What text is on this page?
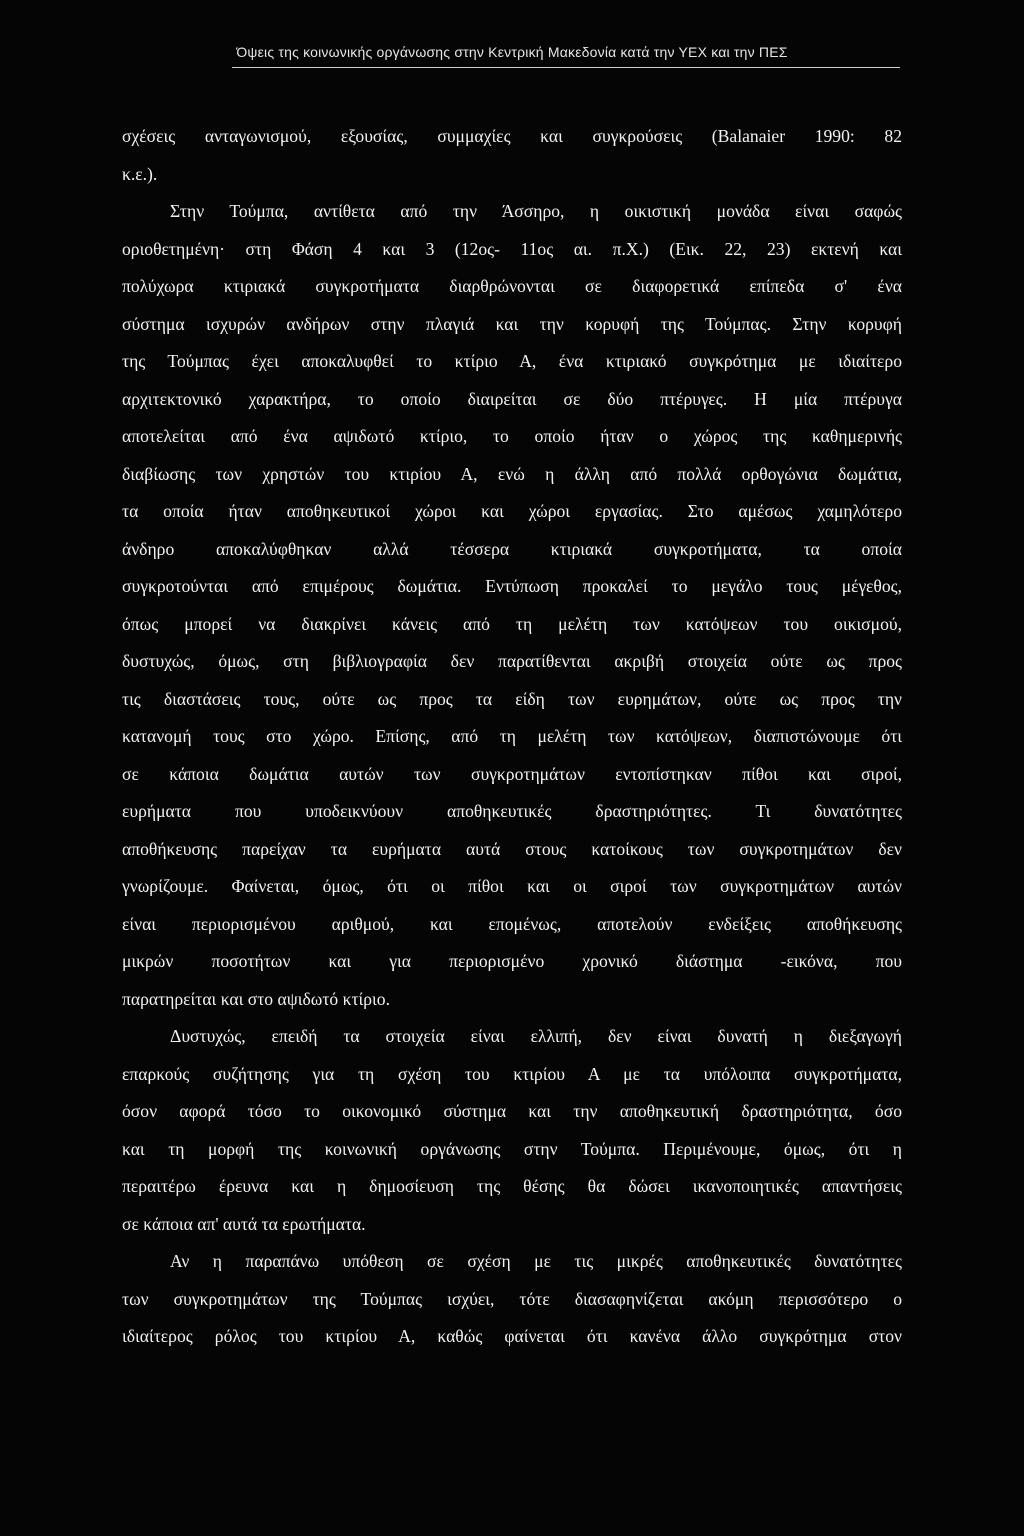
Όψεις της κοινωνικής οργάνωσης στην Κεντρική Μακεδονία κατά την ΥΕΧ και την ΠΕΣ
σχέσεις ανταγωνισμού, εξουσίας, συμμαχίες και συγκρούσεις (Balanaier 1990: 82
κ.ε.).
Στην Τούμπα, αντίθετα από την Άσσηρο, η οικιστική μονάδα είναι σαφώς
οριοθετημένη· στη Φάση 4 και 3 (12ος- 11ος αι. π.Χ.) (Εικ. 22, 23) εκτενή και
πολύχωρα κτιριακά συγκροτήματα διαρθρώνονται σε διαφορετικά επίπεδα σ' ένα
σύστημα ισχυρών ανδήρων στην πλαγιά και την κορυφή της Τούμπας. Στην κορυφή
της Τούμπας έχει αποκαλυφθεί το κτίριο Α, ένα κτιριακό συγκρότημα με ιδιαίτερο
αρχιτεκτονικό χαρακτήρα, το οποίο διαιρείται σε δύο πτέρυγες. Η μία πτέρυγα
αποτελείται από ένα αψιδωτό κτίριο, το οποίο ήταν ο χώρος της καθημερινής
διαβίωσης των χρηστών του κτιρίου Α, ενώ η άλλη από πολλά ορθογώνια δωμάτια,
τα οποία ήταν αποθηκευτικοί χώροι και χώροι εργασίας. Στο αμέσως χαμηλότερο
άνδηρο αποκαλύφθηκαν αλλά τέσσερα κτιριακά συγκροτήματα, τα οποία
συγκροτούνται από επιμέρους δωμάτια. Εντύπωση προκαλεί το μεγάλο τους μέγεθος,
όπως μπορεί να διακρίνει κάνεις από τη μελέτη των κατόψεων του οικισμού,
δυστυχώς, όμως, στη βιβλιογραφία δεν παρατίθενται ακριβή στοιχεία ούτε ως προς
τις διαστάσεις τους, ούτε ως προς τα είδη των ευρημάτων, ούτε ως προς την
κατανομή τους στο χώρο. Επίσης, από τη μελέτη των κατόψεων, διαπιστώνουμε ότι
σε κάποια δωμάτια αυτών των συγκροτημάτων εντοπίστηκαν πίθοι και σιροί,
ευρήματα που υποδεικνύουν αποθηκευτικές δραστηριότητες. Τι δυνατότητες
αποθήκευσης παρείχαν τα ευρήματα αυτά στους κατοίκους των συγκροτημάτων δεν
γνωρίζουμε. Φαίνεται, όμως, ότι οι πίθοι και οι σιροί των συγκροτημάτων αυτών
είναι περιορισμένου αριθμού, και επομένως, αποτελούν ενδείξεις αποθήκευσης
μικρών ποσοτήτων και για περιορισμένο χρονικό διάστημα -εικόνα, που
παρατηρείται και στο αψιδωτό κτίριο.
Δυστυχώς, επειδή τα στοιχεία είναι ελλιπή, δεν είναι δυνατή η διεξαγωγή
επαρκούς συζήτησης για τη σχέση του κτιρίου Α με τα υπόλοιπα συγκροτήματα,
όσον αφορά τόσο το οικονομικό σύστημα και την αποθηκευτική δραστηριότητα, όσο
και τη μορφή της κοινωνική οργάνωσης στην Τούμπα. Περιμένουμε, όμως, ότι η
περαιτέρω έρευνα και η δημοσίευση της θέσης θα δώσει ικανοποιητικές απαντήσεις
σε κάποια απ' αυτά τα ερωτήματα.
Αν η παραπάνω υπόθεση σε σχέση με τις μικρές αποθηκευτικές δυνατότητες
των συγκροτημάτων της Τούμπας ισχύει, τότε διασαφηνίζεται ακόμη περισσότερο ο
ιδιαίτερος ρόλος του κτιρίου Α, καθώς φαίνεται ότι κανένα άλλο συγκρότημα στον
